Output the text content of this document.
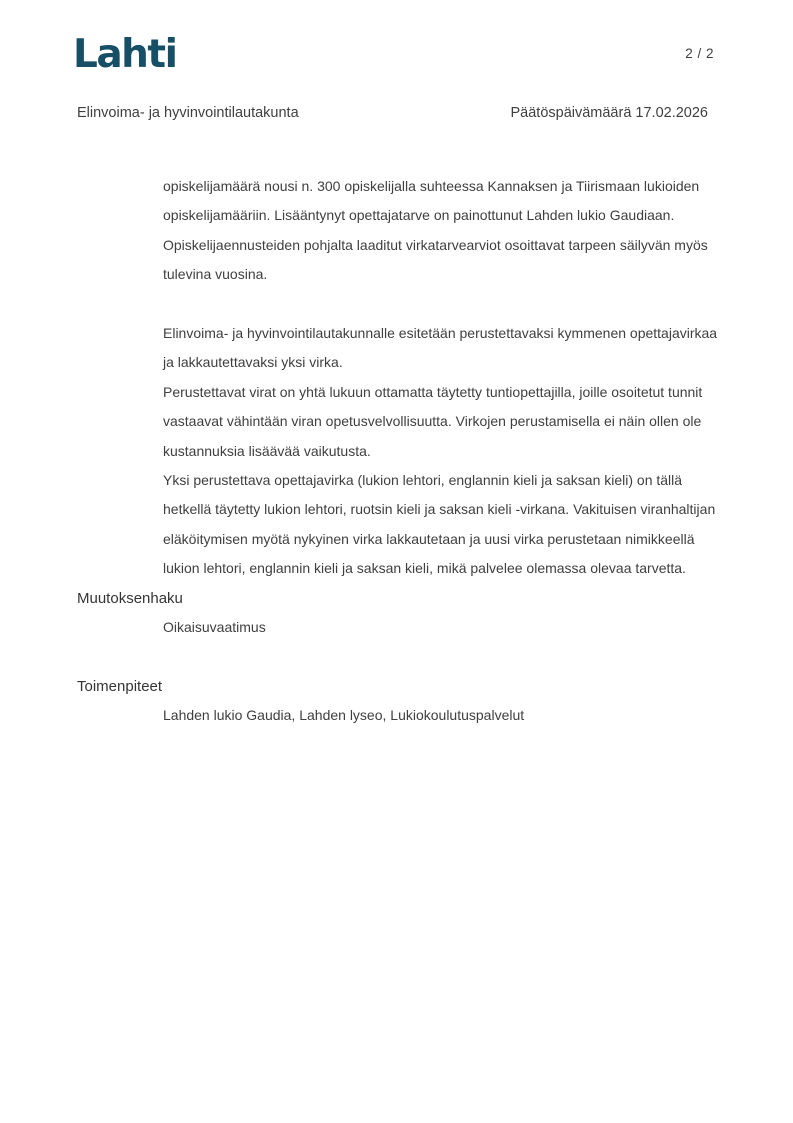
Lahti	2 / 2
Elinvoima- ja hyvinvointilautakunta	Päätöspäivämäärä 17.02.2026

opiskelijamäärä nousi n. 300 opiskelijalla suhteessa Kannaksen ja Tiirismaan lukioiden opiskelijamääriin. Lisääntynyt opettajatarve on painottunut Lahden lukio Gaudiaan.

Opiskelijaennusteiden pohjalta laaditut virkatarvearviot osoittavat tarpeen säilyvän myös tulevina vuosina.

Elinvoima- ja hyvinvointilautakunnalle esitetään perustettavaksi kymmenen opettajavirkaa ja lakkautettavaksi yksi virka.

Perustettavat virat on yhtä lukuun ottamatta täytetty tuntiopettajilla, joille osoitetut tunnit vastaavat vähintään viran opetusvelvollisuutta. Virkojen perustamisella ei näin ollen ole kustannuksia lisäävää vaikutusta.

Yksi perustettava opettajavirka (lukion lehtori, englannin kieli ja saksan kieli) on tällä hetkellä täytetty lukion lehtori, ruotsin kieli ja saksan kieli -virkana. Vakituisen viranhaltijan eläköitymisen myötä nykyinen virka lakkautetaan ja uusi virka perustetaan nimikkeellä lukion lehtori, englannin kieli ja saksan kieli, mikä palvelee olemassa olevaa tarvetta.

Muutoksenhaku

Oikaisuvaatimus

Toimenpiteet

Lahden lukio Gaudia, Lahden lyseo, Lukiokoulutuspalvelut
